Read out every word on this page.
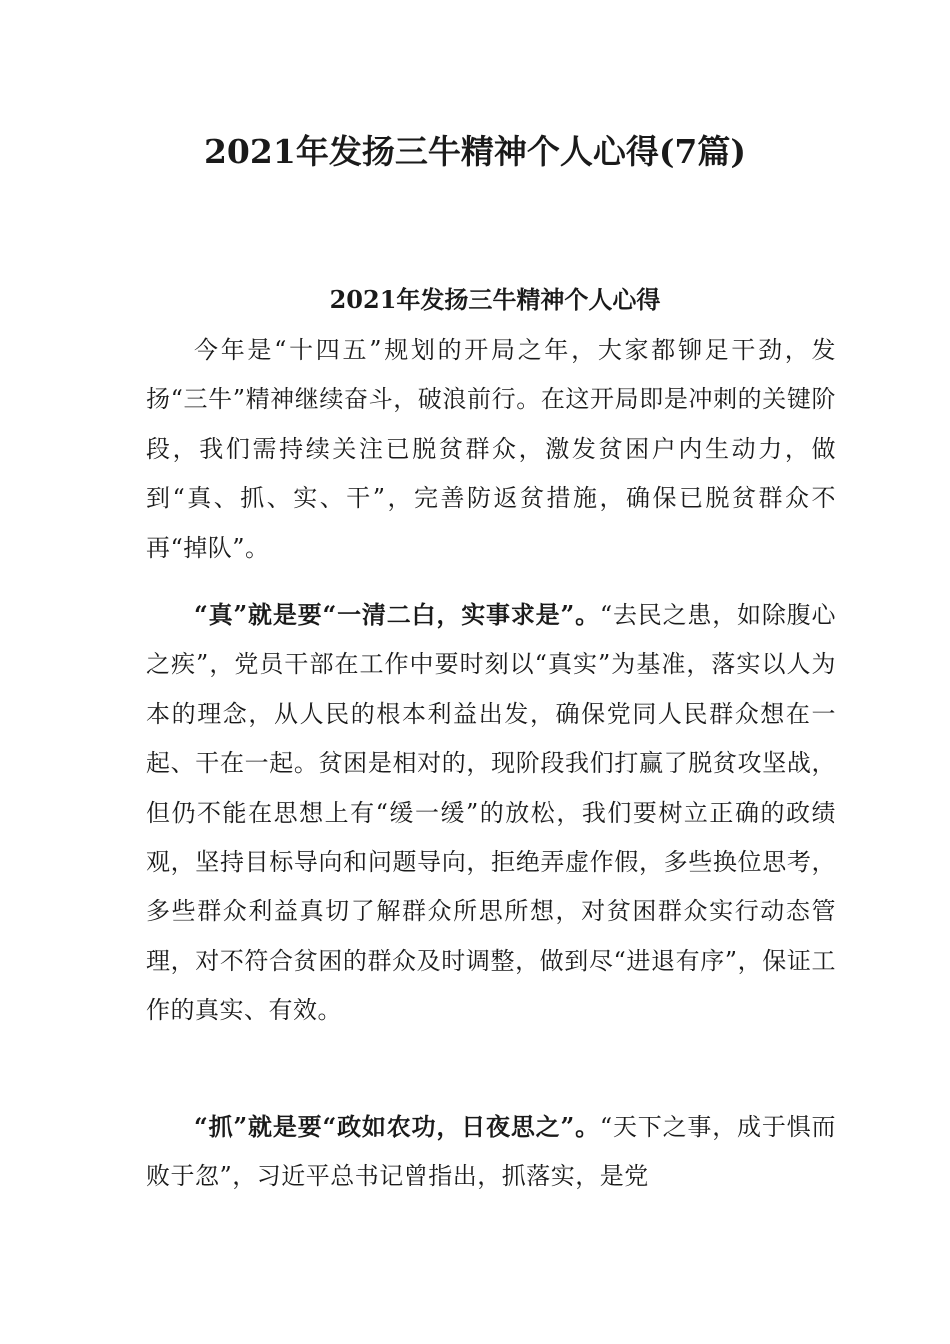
2021年发扬三牛精神个人心得(7篇)
2021年发扬三牛精神个人心得

今年是“十四五”规划的开局之年，大家都铆足干劲，发扬“三牛”精神继续奋斗，破浪前行。在这开局即是冲刺的关键阶段，我们需持续关注已脱贫群众，激发贫困户内生动力，做到“真、抓、实、干”，完善防返贫措施，确保已脱贫群众不再“掉队”。

“真”就是要“一清二白，实事求是”。“去民之患，如除腹心之疾”，党员干部在工作中要时刻以“真实”为基准，落实以人为本的理念，从人民的根本利益出发，确保党同人民群众想在一起、干在一起。贫困是相对的，现阶段我们打赢了脱贫攻坚战，但仍不能在思想上有“缓一缓”的放松，我们要树立正确的政绩观，坚持目标导向和问题导向，拒绝弄虚作假，多些换位思考，多些群众利益真切了解群众所思所想，对贫困群众实行动态管理，对不符合贫困的群众及时调整，做到尽“进退有序”，保证工作的真实、有效。

“抓”就是要“政如农功，日夜思之”。“天下之事，成于惧而败于忽”，习近平总书记曾指出，抓落实，是党
